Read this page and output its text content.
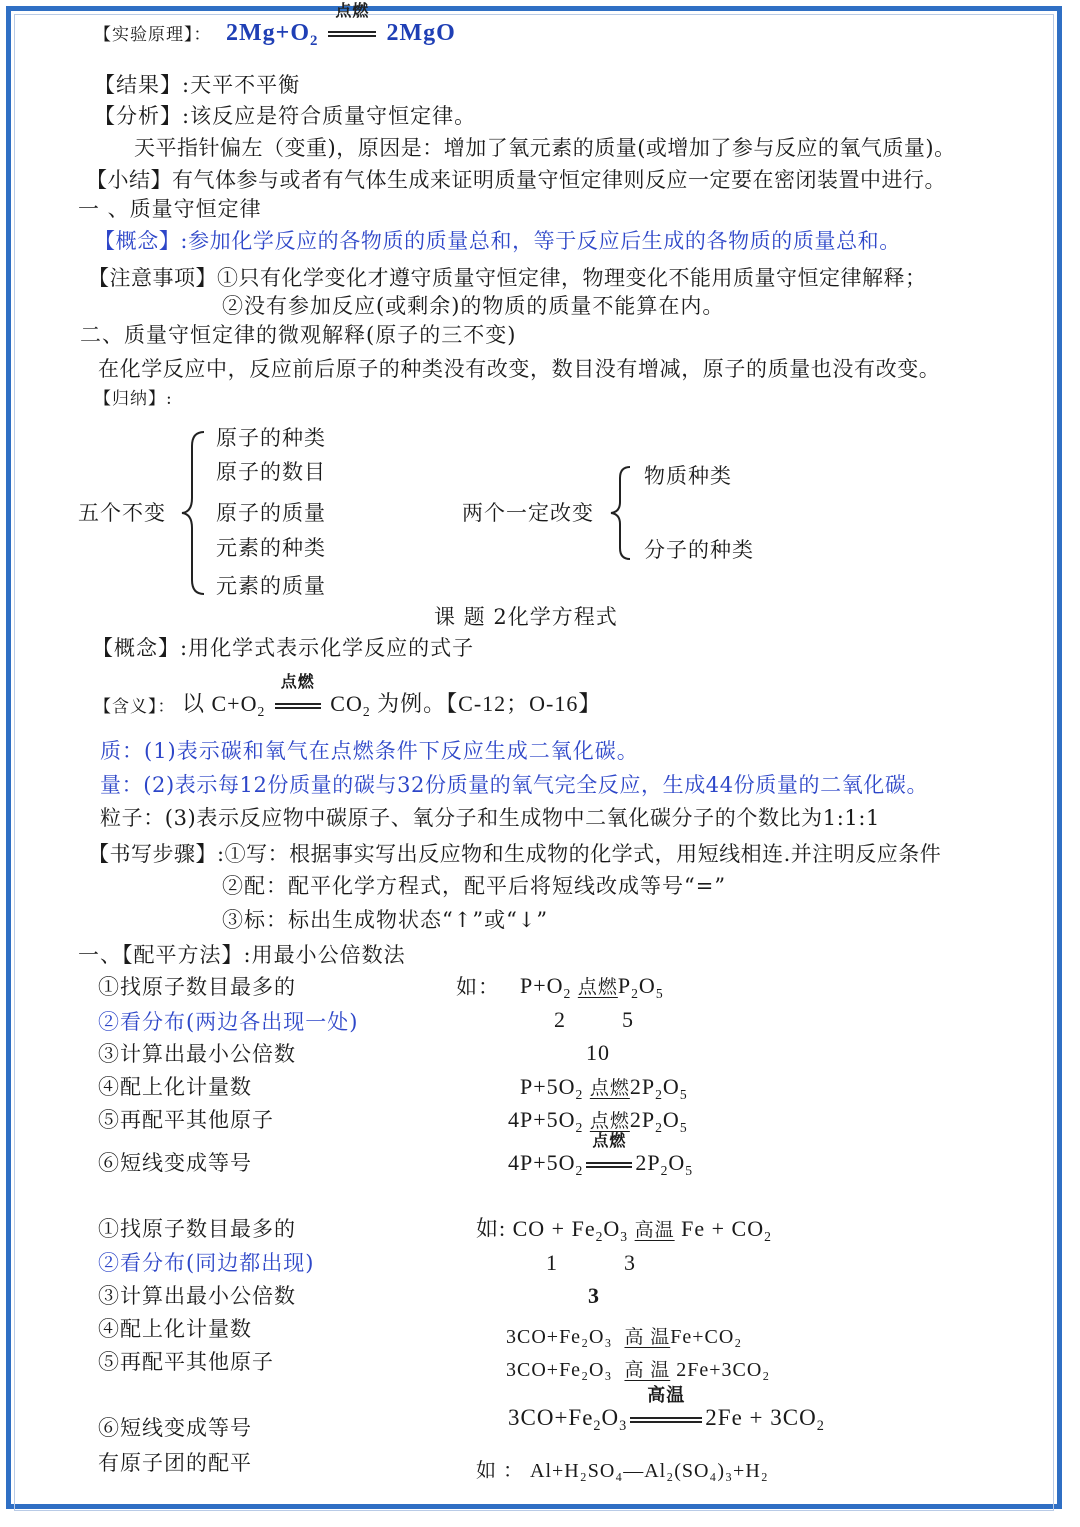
【实验原理】： $2Mg+O_2$
点燃
2MgO
【结果】:天平不平衡
【分析】:该反应是符合质量守恒定律。
天平指针偏左（变重)，原因是：增加了氧元素的质量(或增加了参与反应的氧气质量)。
【小结】有气体参与或者有气体生成来证明质量守恒定律则反应一定要在密闭装置中进行。
一 、质量守恒定律
【概念】:参加化学反应的各物质的质量总和，等于反应后生成的各物质的质量总和。
【注意事项】①只有化学变化才遵守质量守恒定律，物理变化不能用质量守恒定律解释；
②没有参加反应(或剩余)的物质的质量不能算在内。
二、质量守恒定律的微观解释(原子的三不变)
在化学反应中，反应前后原子的种类没有改变，数目没有增减，原子的质量也没有改变。
【归纳】:
五个不变
原子的种类
原子的数目
原子的质量
元素的种类
元素的质量
两个一定改变
物质种类
分子的种类
课 题 2化学方程式
【概念】:用化学式表示化学反应的式子
【含义】： 以 $C+O_2$
点燃
$CO_2$ 为例。【C-12；O-16】
质：(1)表示碳和氧气在点燃条件下反应生成二氧化碳。
量：(2)表示每12份质量的碳与32份质量的氧气完全反应，生成44份质量的二氧化碳。
粒子：(3)表示反应物中碳原子、氧分子和生成物中二氧化碳分子的个数比为1:1:1
【书写步骤】:①写：根据事实写出反应物和生成物的化学式，用短线相连.并注明反应条件
②配：配平化学方程式，配平后将短线改成等号“=”
③标：标出生成物状态“↑”或“↓”
一、【配平方法】:用最小公倍数法
①找原子数目最多的
②看分布(两边各出现一处)
③计算出最小公倍数
④配上化计量数
⑤再配平其他原子
⑥短线变成等号
如： $P+O_2$ 点燃$P_2O_5$
2	5
10
$P+5O_2$ 点燃$2P_2O_5$
$4P+5O_2$ 点燃$2P_2O_5$
$4P+5O_2$
点燃
$2P_2O_5$
①找原子数目最多的
②看分布(同边都出现)
③计算出最小公倍数
④配上化计量数
⑤再配平其他原子
⑥短线变成等号
如: CO + $Fe_2O_3$ 高温 $Fe + CO_2$
1	3
3
3CO+Fe₂O₃ 高 温Fe+CO₂
3CO+Fe₂O₃ 高 温 2Fe+3CO₂
$3CO+Fe_2O_3$
高温
$2Fe + 3CO_2$
有原子团的配平	如 ： Al+H₂SO₄—Al₂(SO₄)₃+H₂
